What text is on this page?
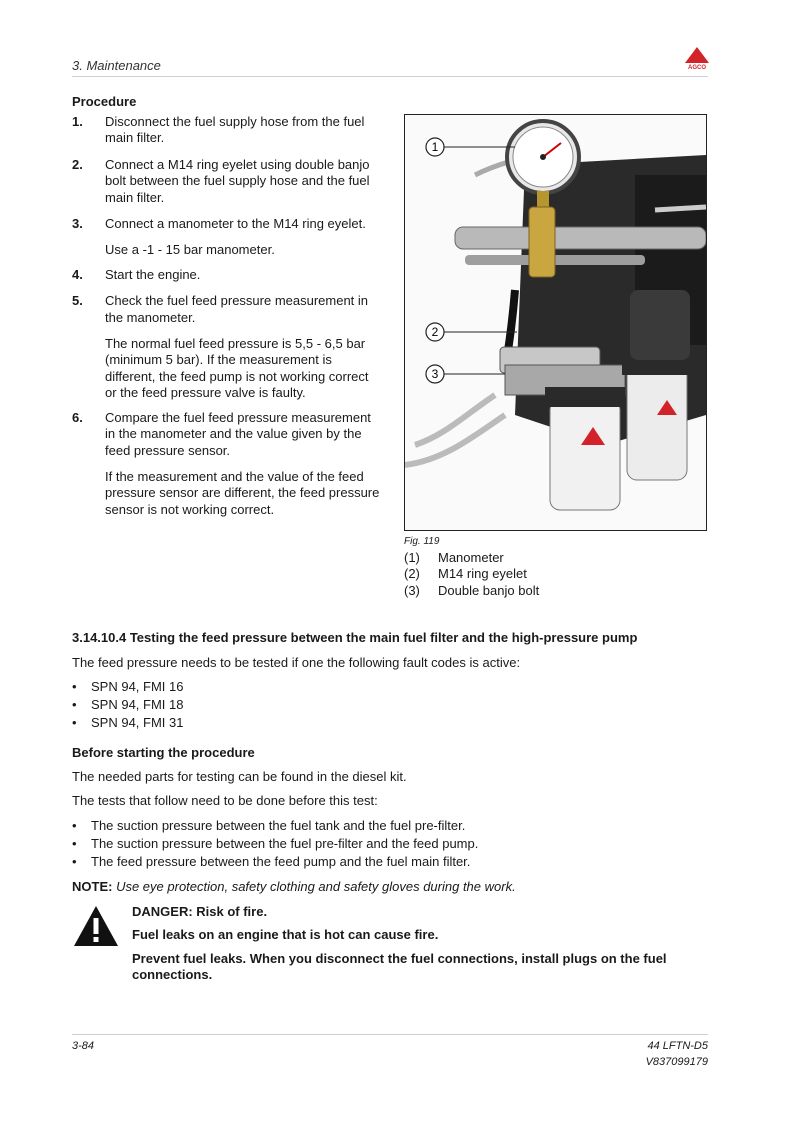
3. Maintenance	AGCO
Procedure
1.	Disconnect the fuel supply hose from the fuel main filter.
2.	Connect a M14 ring eyelet using double banjo bolt between the fuel supply hose and the fuel main filter.
3.	Connect a manometer to the M14 ring eyelet.
Use a -1 - 15 bar manometer.
4.	Start the engine.
5.	Check the fuel feed pressure measurement in the manometer.
The normal fuel feed pressure is 5,5 - 6,5 bar (minimum 5 bar). If the measurement is different, the feed pump is not working correct or the feed pressure valve is faulty.
6.	Compare the fuel feed pressure measurement in the manometer and the value given by the feed pressure sensor.
If the measurement and the value of the feed pressure sensor are different, the feed pressure sensor is not working correct.
1
2
3
Fig. 119
(1)	Manometer
(2)	M14 ring eyelet
(3)	Double banjo bolt
3.14.10.4 Testing the feed pressure between the main fuel filter and the high-pressure pump
The feed pressure needs to be tested if one the following fault codes is active:
•	SPN 94, FMI 16
•	SPN 94, FMI 18
•	SPN 94, FMI 31
Before starting the procedure
The needed parts for testing can be found in the diesel kit.
The tests that follow need to be done before this test:
•	The suction pressure between the fuel tank and the fuel pre-filter.
•	The suction pressure between the fuel pre-filter and the feed pump.
•	The feed pressure between the feed pump and the fuel main filter.
NOTE: Use eye protection, safety clothing and safety gloves during the work.
DANGER: Risk of fire.
Fuel leaks on an engine that is hot can cause fire.
Prevent fuel leaks. When you disconnect the fuel connections, install plugs on the fuel connections.
3-84	44 LFTN-D5
V837099179
